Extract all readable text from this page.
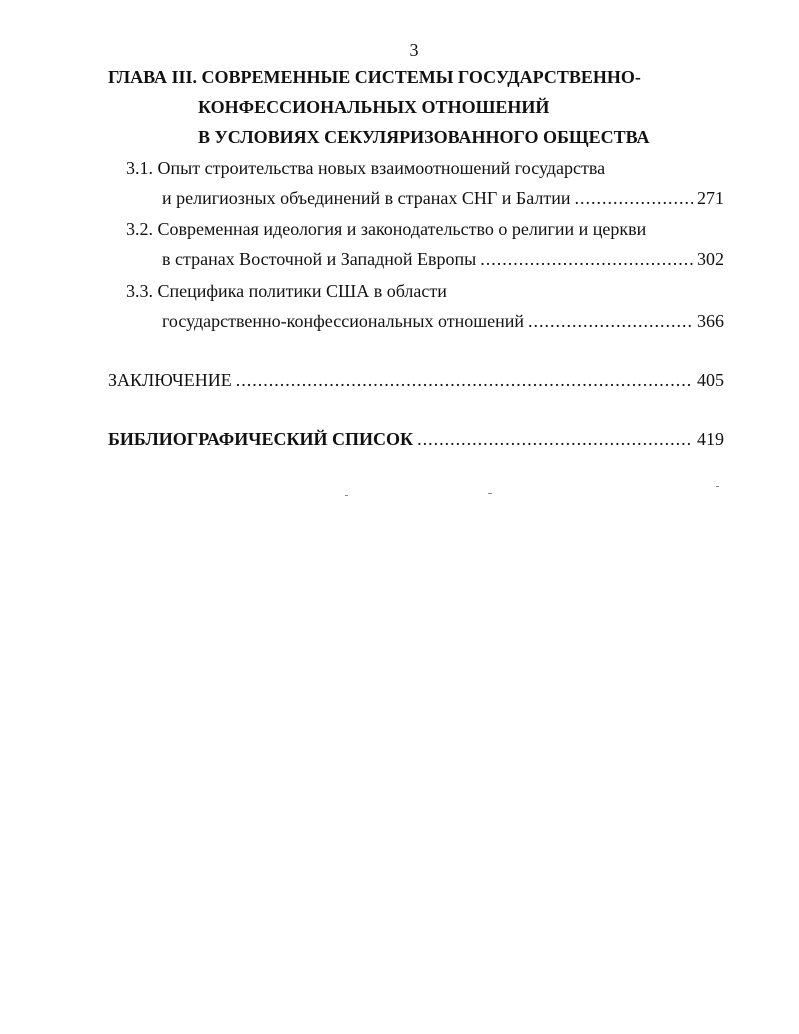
3
ГЛАВА III. СОВРЕМЕННЫЕ СИСТЕМЫ ГОСУДАРСТВЕННО-
КОНФЕССИОНАЛЬНЫХ ОТНОШЕНИЙ
В УСЛОВИЯХ СЕКУЛЯРИЗОВАННОГО ОБЩЕСТВА
3.1. Опыт строительства новых взаимоотношений государства
и религиозных объединений в странах СНГ и Балтии .....	271
3.2. Современная идеология и законодательство о религии и церкви
в странах Восточной и Западной Европы .....	302
3.3. Специфика политики США в области
государственно-конфессиональных отношений .....	366
ЗАКЛЮЧЕНИЕ .....	405
БИБЛИОГРАФИЧЕСКИЙ СПИСОК .....	419
